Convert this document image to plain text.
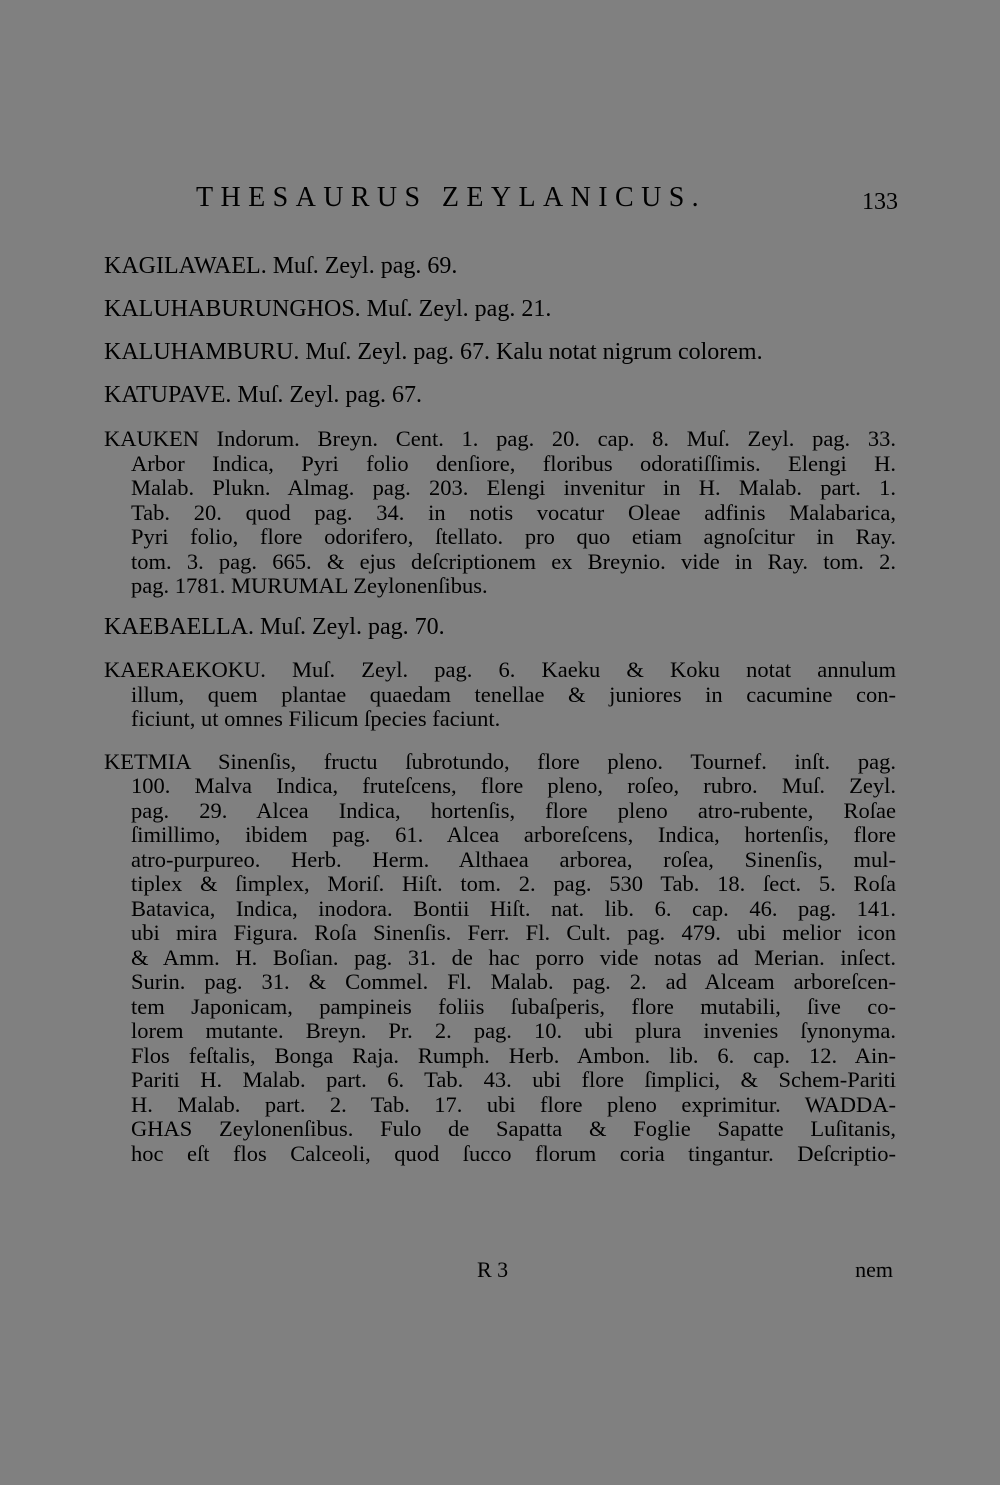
THESAURUS ZEYLANICUS.	133
KAGILAWAEL. Muſ. Zeyl. pag. 69.
KALUHABURUNGHOS. Muſ. Zeyl. pag. 21.
KALUHAMBURU. Muſ. Zeyl. pag. 67. Kalu notat nigrum colorem.
KATUPAVE. Muſ. Zeyl. pag. 67.
KAUKEN Indorum. Breyn. Cent. 1. pag. 20. cap. 8. Muſ. Zeyl. pag. 33.
Arbor Indica, Pyri folio denſiore, floribus odoratiſſimis. Elengi H.
Malab. Plukn. Almag. pag. 203. Elengi invenitur in H. Malab. part. 1.
Tab. 20. quod pag. 34. in notis vocatur Oleae adfinis Malabarica,
Pyri folio, flore odorifero, ſtellato. pro quo etiam agnoſcitur in Ray.
tom. 3. pag. 665. & ejus deſcriptionem ex Breynio. vide in Ray. tom. 2.
pag. 1781. MURUMAL Zeylonenſibus.
KAEBAELLA. Muſ. Zeyl. pag. 70.
KAERAEKOKU. Muſ. Zeyl. pag. 6. Kaeku & Koku notat annulum
illum, quem plantae quaedam tenellae & juniores in cacumine con-
ficiunt, ut omnes Filicum ſpecies faciunt.
KETMIA Sinenſis, fructu ſubrotundo, flore pleno. Tournef. inſt. pag.
100. Malva Indica, fruteſcens, flore pleno, roſeo, rubro. Muſ. Zeyl.
pag. 29. Alcea Indica, hortenſis, flore pleno atro-rubente, Roſae
ſimillimo, ibidem pag. 61. Alcea arboreſcens, Indica, hortenſis, flore
atro-purpureo. Herb. Herm. Althaea arborea, roſea, Sinenſis, mul-
tiplex & ſimplex, Moriſ. Hiſt. tom. 2. pag. 530 Tab. 18. ſect. 5. Roſa
Batavica, Indica, inodora. Bontii Hiſt. nat. lib. 6. cap. 46. pag. 141.
ubi mira Figura. Roſa Sinenſis. Ferr. Fl. Cult. pag. 479. ubi melior icon
& Amm. H. Boſian. pag. 31. de hac porro vide notas ad Merian. inſect.
Surin. pag. 31. & Commel. Fl. Malab. pag. 2. ad Alceam arboreſcen-
tem Japonicam, pampineis foliis ſubaſperis, flore mutabili, ſive co-
lorem mutante. Breyn. Pr. 2. pag. 10. ubi plura invenies ſynonyma.
Flos feſtalis, Bonga Raja. Rumph. Herb. Ambon. lib. 6. cap. 12. Ain-
Pariti H. Malab. part. 6. Tab. 43. ubi flore ſimplici, & Schem-Pariti
H. Malab. part. 2. Tab. 17. ubi flore pleno exprimitur. WADDA-
GHAS Zeylonenſibus. Fulo de Sapatta & Foglie Sapatte Luſitanis,
hoc eſt flos Calceoli, quod ſucco florum coria tingantur. Deſcriptio-
R 3	nem
